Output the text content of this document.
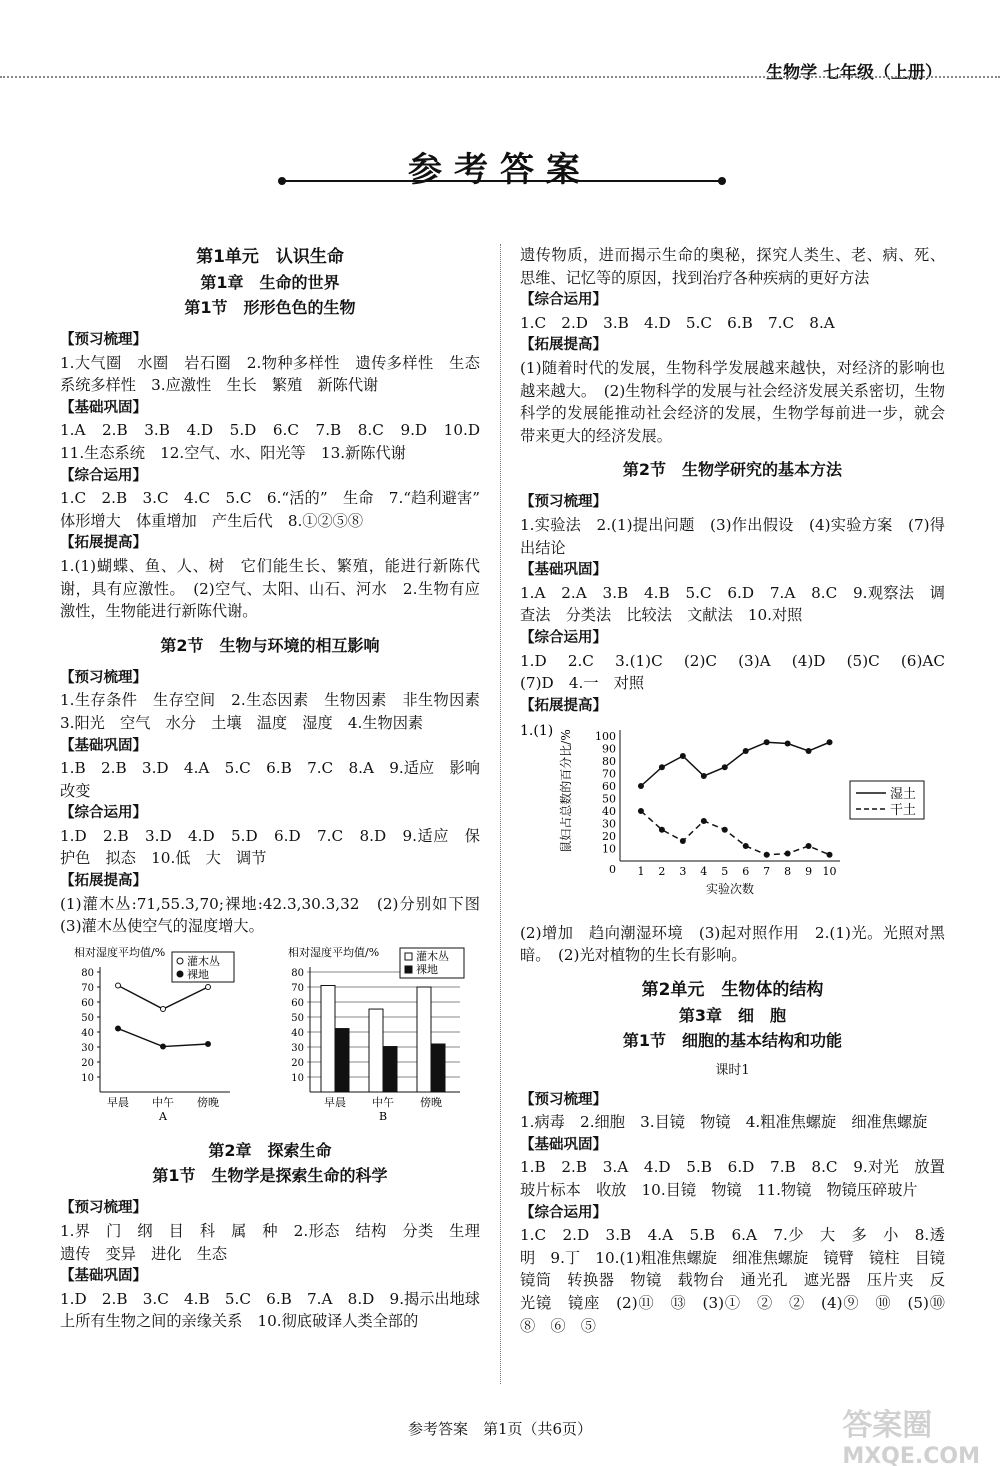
生物学 七年级（上册）
参考答案
第1单元　认识生命
第1章　生命的世界
第1节　形形色色的生物
【预习梳理】
1.大气圈　水圈　岩石圈　2.物种多样性　遗传多样性　生态系统多样性　3.应激性　生长　繁殖　新陈代谢
【基础巩固】
1.A　2.B　3.B　4.D　5.D　6.C　7.B　8.C　9.D　10.D　11.生态系统　12.空气、水、阳光等　13.新陈代谢
【综合运用】
1.C　2.B　3.C　4.C　5.C　6.“活的”　生命　7.“趋利避害”　体形增大　体重增加　产生后代　8.①②⑤⑧
【拓展提高】
1.(1)蝴蝶、鱼、人、树　它们能生长、繁殖，能进行新陈代谢，具有应激性。　(2)空气、太阳、山石、河水　2.生物有应激性，生物能进行新陈代谢。
第2节　生物与环境的相互影响
【预习梳理】
1.生存条件　生存空间　2.生态因素　生物因素　非生物因素　3.阳光　空气　水分　土壤　温度　湿度　4.生物因素
【基础巩固】
1.B　2.B　3.D　4.A　5.C　6.B　7.C　8.A　9.适应　影响　改变
【综合运用】
1.D　2.B　3.D　4.D　5.D　6.D　7.C　8.D　9.适应　保护色　拟态　10.低　大　调节
【拓展提高】
(1)灌木丛:71,55.3,70;裸地:42.3,30.3,32　(2)分别如下图　(3)灌木丛使空气的湿度增大。
相对湿度平均值/%
10
20
30
40
50
60
70
80
早晨 中午 傍晚
A
灌木丛
裸地
相对湿度平均值/%
10
20
30
40
50
60
70
80
早晨 中午 傍晚
B
灌木丛
裸地
第2章　探索生命
第1节　生物学是探索生命的科学
【预习梳理】
1.界　门　纲　目　科　属　种　2.形态　结构　分类　生理　遗传　变异　进化　生态
【基础巩固】
1.D　2.B　3.C　4.B　5.C　6.B　7.A　8.D　9.揭示出地球上所有生物之间的亲缘关系　10.彻底破译人类全部的
遗传物质，进而揭示生命的奥秘，探究人类生、老、病、死、思维、记忆等的原因，找到治疗各种疾病的更好方法
【综合运用】
1.C　2.D　3.B　4.D　5.C　6.B　7.C　8.A
【拓展提高】
(1)随着时代的发展，生物科学发展越来越快，对经济的影响也越来越大。　(2)生物科学的发展与社会经济发展关系密切，生物科学的发展能推动社会经济的发展，生物学每前进一步，就会带来更大的经济发展。
第2节　生物学研究的基本方法
【预习梳理】
1.实验法　2.(1)提出问题　(3)作出假设　(4)实验方案　(7)得出结论
【基础巩固】
1.A　2.A　3.B　4.B　5.C　6.D　7.A　8.C　9.观察法　调查法　分类法　比较法　文献法　10.对照
【综合运用】
1.D　2.C　3.(1)C　(2)C　(3)A　(4)D　(5)C　(6)AC　(7)D　4.一　对照
【拓展提高】
1.(1) 鼠妇占总数的百分比/%	10
20
30
40
50
60
70
80
90
100
0 1 2 3 4 5 6 7 8 9 10
实验次数
湿土
干土
(2)增加　趋向潮湿环境　(3)起对照作用　2.(1)光。光照对黑暗。　(2)光对植物的生长有影响。
第2单元　生物体的结构
第3章　细　胞
第1节　细胞的基本结构和功能
课时1
【预习梳理】
1.病毒　2.细胞　3.目镜　物镜　4.粗准焦螺旋　细准焦螺旋
【基础巩固】
1.B　2.B　3.A　4.D　5.B　6.D　7.B　8.C　9.对光　放置玻片标本　收放　10.目镜　物镜　11.物镜　物镜压碎玻片
【综合运用】
1.C　2.D　3.B　4.A　5.B　6.A　7.少　大　多　小　8.透明　9.丁　10.(1)粗准焦螺旋　细准焦螺旋　镜臂　镜柱　目镜　镜筒　转换器　物镜　载物台　通光孔　遮光器　压片夹　反光镜　镜座　(2)⑪　⑬　(3)①　②　②　(4)⑨　⑩　(5)⑩　⑧　⑥　⑤
参考答案　第1页（共6页）	答案圈
MXQE.COM
